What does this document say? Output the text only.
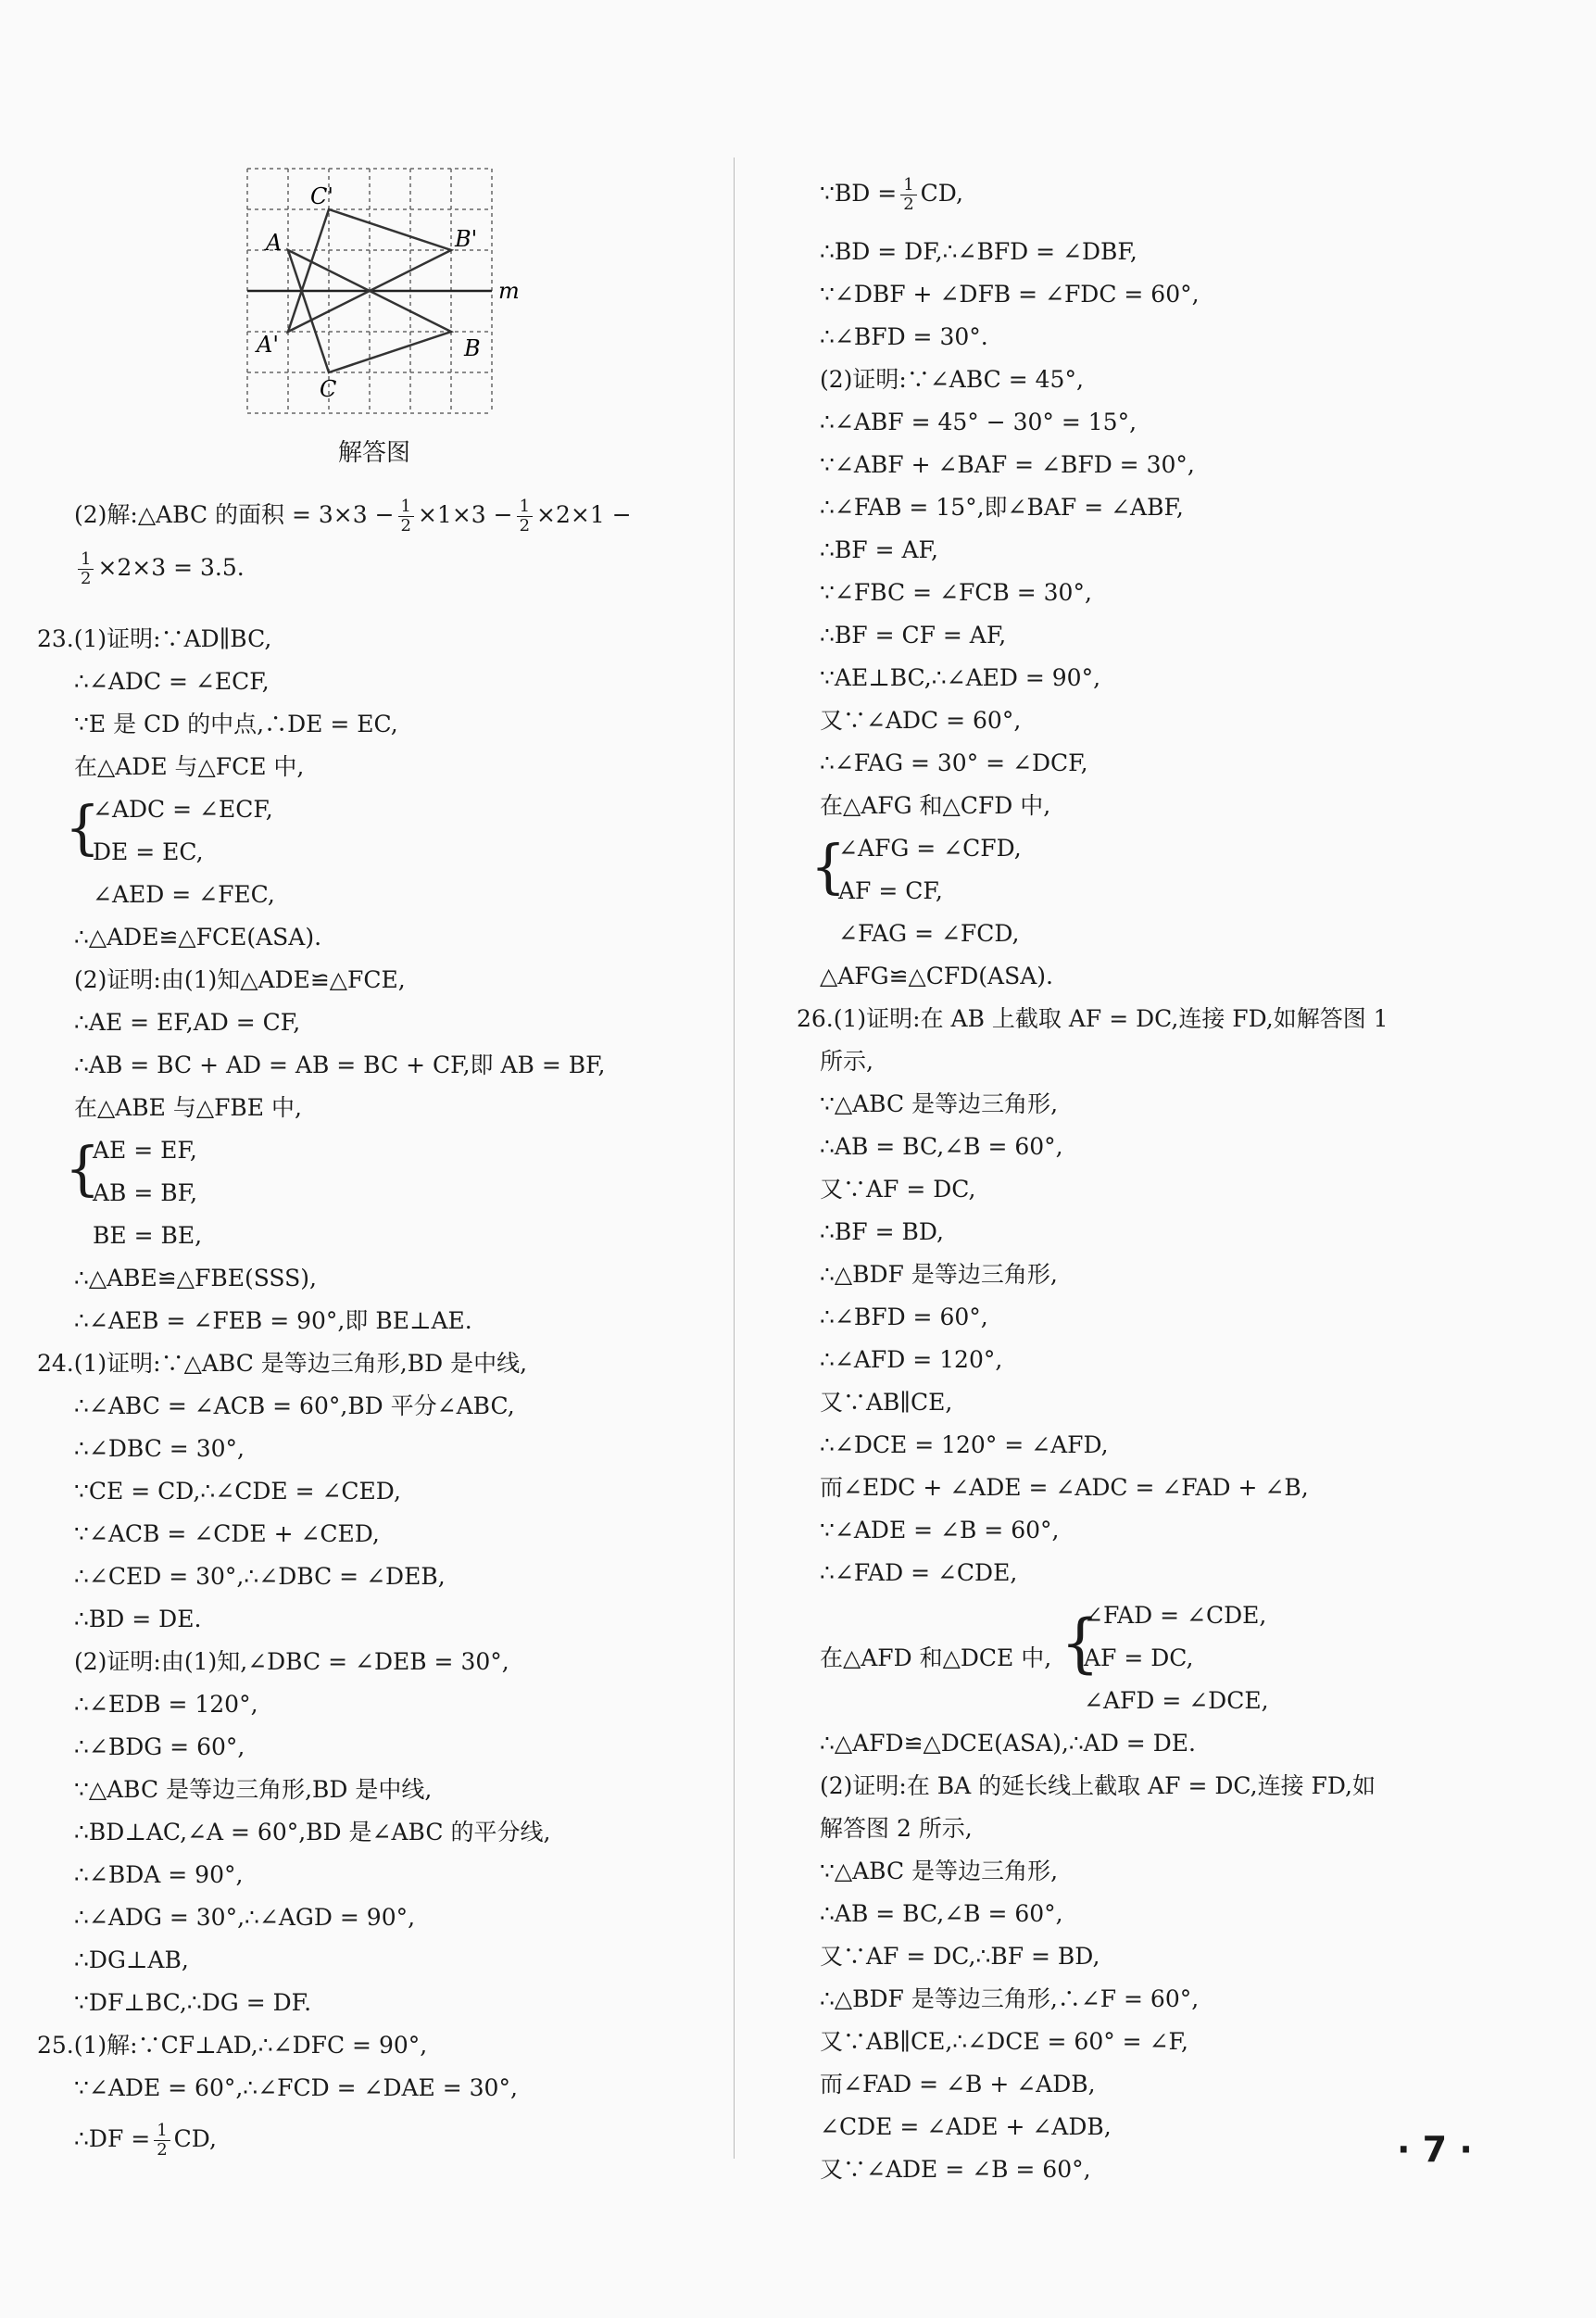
C'
B'
A
m
A'	B
C
解答图
(2)解:△ABC 的面积 = $3\times 3 - \frac{1}{2} \times 1\times 3 - \frac{1}{2} \times 2\times 1$ −
$\frac{1}{2} \times 2\times 3 = 3.5$.
23.(1)证明:∵AD∥BC,
∴∠ADC = ∠ECF,
∵E 是 CD 的中点,∴DE = EC,
在△ADE 与△FCE 中,
{
∠ADC = ∠ECF,
DE = EC,
∠AED = ∠FEC,
∴△ADE≌△FCE(ASA).
(2)证明:由(1)知△ADE≌△FCE,
∴AE = EF,AD = CF,
∴AB = BC + AD = AB = BC + CF,即 AB = BF,
在△ABE 与△FBE 中,
{
AE = EF,
AB = BF,
BE = BE,
∴△ABE≌△FBE(SSS),
∴∠AEB = ∠FEB = 90°,即 BE⊥AE.
24.(1)证明:∵△ABC 是等边三角形,BD 是中线,
∴∠ABC = ∠ACB = 60°,BD 平分∠ABC,
∴∠DBC = 30°,
∵CE = CD,∴∠CDE = ∠CED,
∵∠ACB = ∠CDE + ∠CED,
∴∠CED = 30°,∴∠DBC = ∠DEB,
∴BD = DE.
(2)证明:由(1)知,∠DBC = ∠DEB = 30°,
∴∠EDB = 120°,
∴∠BDG = 60°,
∵△ABC 是等边三角形,BD 是中线,
∴BD⊥AC,∠A = 60°,BD 是∠ABC 的平分线,
∴∠BDA = 90°,
∴∠ADG = 30°,∴∠AGD = 90°,
∴DG⊥AB,
∵DF⊥BC,∴DG = DF.
25.(1)解:∵CF⊥AD,∴∠DFC = 90°,
∵∠ADE = 60°,∴∠FCD = ∠DAE = 30°,
∴DF = $\frac{1}{2}$ CD,
∵BD = $\frac{1}{2}$ CD,
∴BD = DF,∴∠BFD = ∠DBF,
∵∠DBF + ∠DFB = ∠FDC = 60°,
∴∠BFD = 30°.
(2)证明:∵∠ABC = 45°,
∴∠ABF = 45° − 30° = 15°,
∵∠ABF + ∠BAF = ∠BFD = 30°,
∴∠FAB = 15°,即∠BAF = ∠ABF,
∴BF = AF,
∵∠FBC = ∠FCB = 30°,
∴BF = CF = AF,
∵AE⊥BC,∴∠AED = 90°,
又∵∠ADC = 60°,
∴∠FAG = 30° = ∠DCF,
在△AFG 和△CFD 中,
{
∠AFG = ∠CFD,
AF = CF,
∠FAG = ∠FCD,
△AFG≌△CFD(ASA).
26.(1)证明:在 AB 上截取 AF = DC,连接 FD,如解答图 1
所示,
∵△ABC 是等边三角形,
∴AB = BC,∠B = 60°,
又∵AF = DC,
∴BF = BD,
∴△BDF 是等边三角形,
∴∠BFD = 60°,
∴∠AFD = 120°,
又∵AB∥CE,
∴∠DCE = 120° = ∠AFD,
而∠EDC + ∠ADE = ∠ADC = ∠FAD + ∠B,
∵∠ADE = ∠B = 60°,
∴∠FAD = ∠CDE,
∠FAD = ∠CDE,
在△AFD 和△DCE 中, {
AF = DC,
∠AFD = ∠DCE,
∴△AFD≌△DCE(ASA),∴AD = DE.
(2)证明:在 BA 的延长线上截取 AF = DC,连接 FD,如
解答图 2 所示,
∵△ABC 是等边三角形,
∴AB = BC,∠B = 60°,
又∵AF = DC,∴BF = BD,
∴△BDF 是等边三角形,∴∠F = 60°,
又∵AB∥CE,∴∠DCE = 60° = ∠F,
而∠FAD = ∠B + ∠ADB,
∠CDE = ∠ADE + ∠ADB,
又∵∠ADE = ∠B = 60°,	· 7 ·
